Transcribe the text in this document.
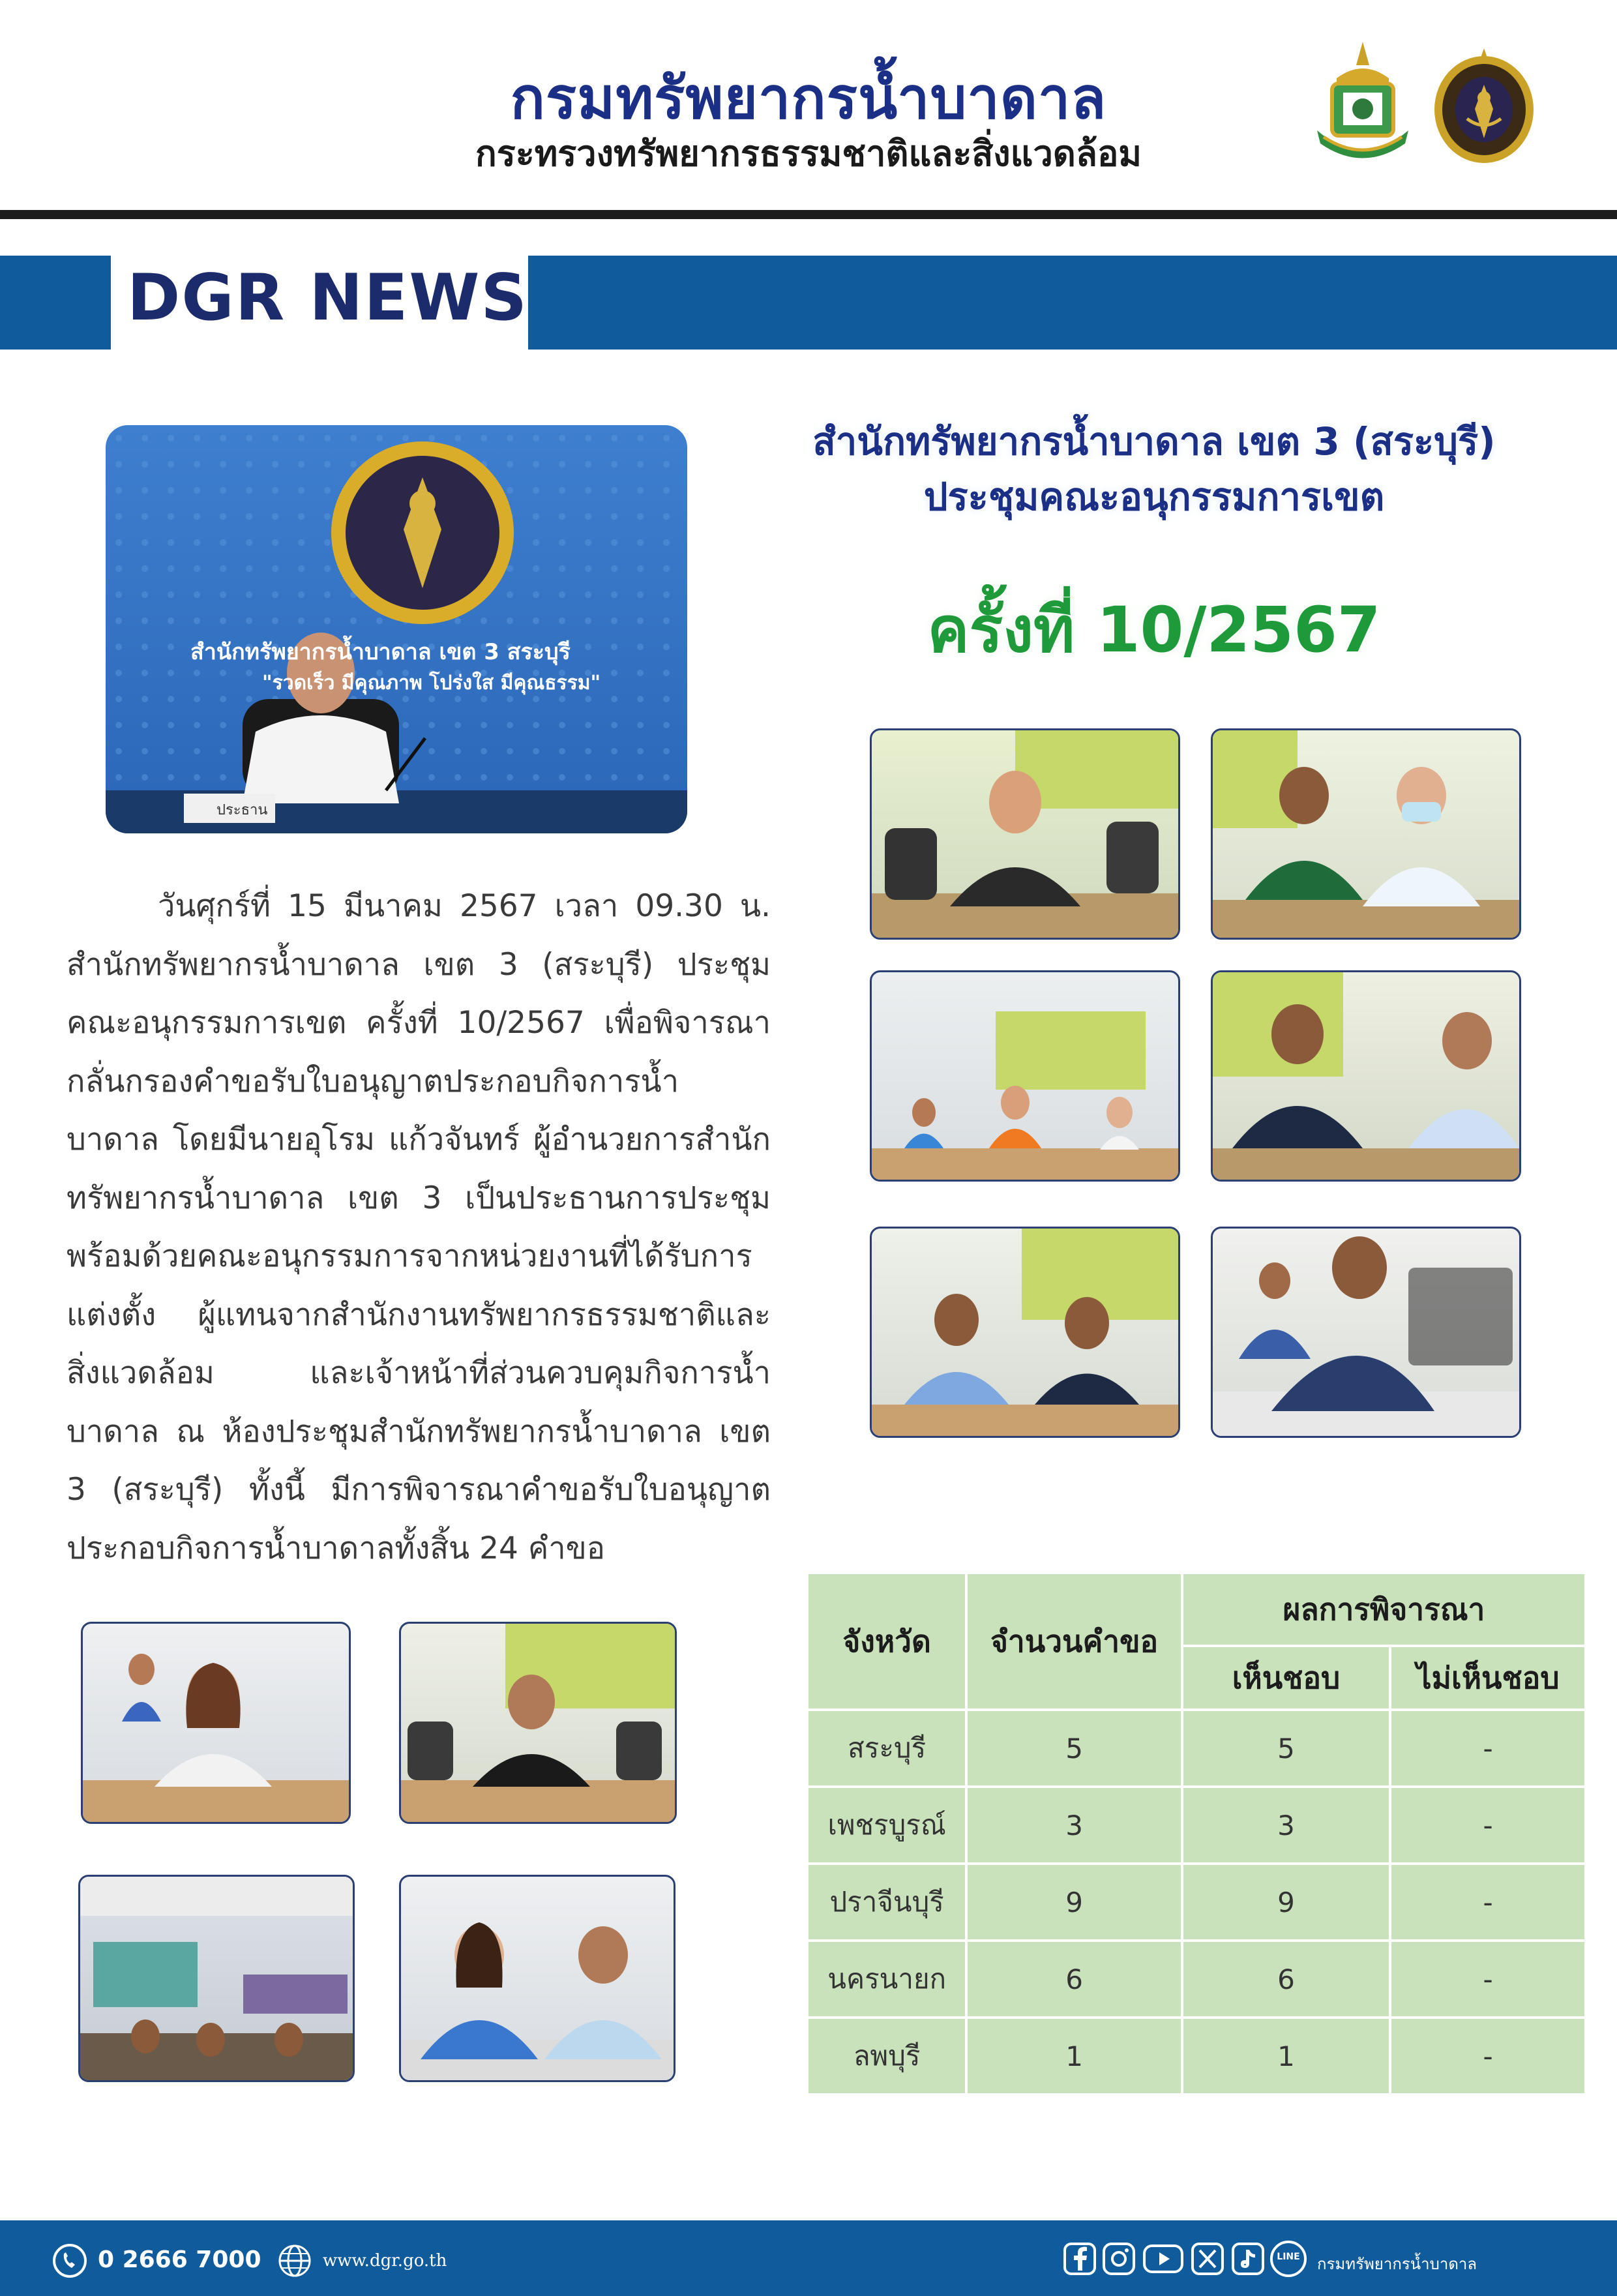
กรมทรัพยากรน้ำบาดาล
กระทรวงทรัพยากรธรรมชาติและสิ่งแวดล้อม
DGR NEWS
สำนักทรัพยากรน้ำบาดาล เขต 3 (สระบุรี)
ประชุมคณะอนุกรรมการเขต
ครั้งที่ 10/2567
สำนักทรัพยากรน้ำบาดาล เขต 3 สระบุรี
"รวดเร็ว มีคุณภาพ โปร่งใส มีคุณธรรม"
ประธาน
วันศุกร์ที่ 15 มีนาคม 2567 เวลา 09.30 น. สำนักทรัพยากรน้ำบาดาล เขต 3 (สระบุรี) ประชุมคณะอนุกรรมการเขต ครั้งที่ 10/2567 เพื่อพิจารณากลั่นกรองคำขอรับใบอนุญาตประกอบกิจการน้ำบาดาล โดยมีนายอุโรม แก้วจันทร์ ผู้อำนวยการสำนักทรัพยากรน้ำบาดาล เขต 3 เป็นประธานการประชุม พร้อมด้วยคณะอนุกรรมการจากหน่วยงานที่ได้รับการแต่งตั้ง ผู้แทนจากสำนักงานทรัพยากรธรรมชาติและสิ่งแวดล้อม และเจ้าหน้าที่ส่วนควบคุมกิจการน้ำบาดาล ณ ห้องประชุมสำนักทรัพยากรน้ำบาดาล เขต 3 (สระบุรี) ทั้งนี้ มีการพิจารณาคำขอรับใบอนุญาตประกอบกิจการน้ำบาดาลทั้งสิ้น 24 คำขอ
จังหวัด	จำนวนคำขอ	ผลการพิจารณา	
		เห็นชอบ	ไม่เห็นชอบ
สระบุรี	5	5	-
เพชรบูรณ์	3	3	-
ปราจีนบุรี	9	9	-
นครนายก	6	6	-
ลพบุรี	1	1	-
0 2666 7000	www.dgr.go.th	LINE กรมทรัพยากรน้ำบาดาล
